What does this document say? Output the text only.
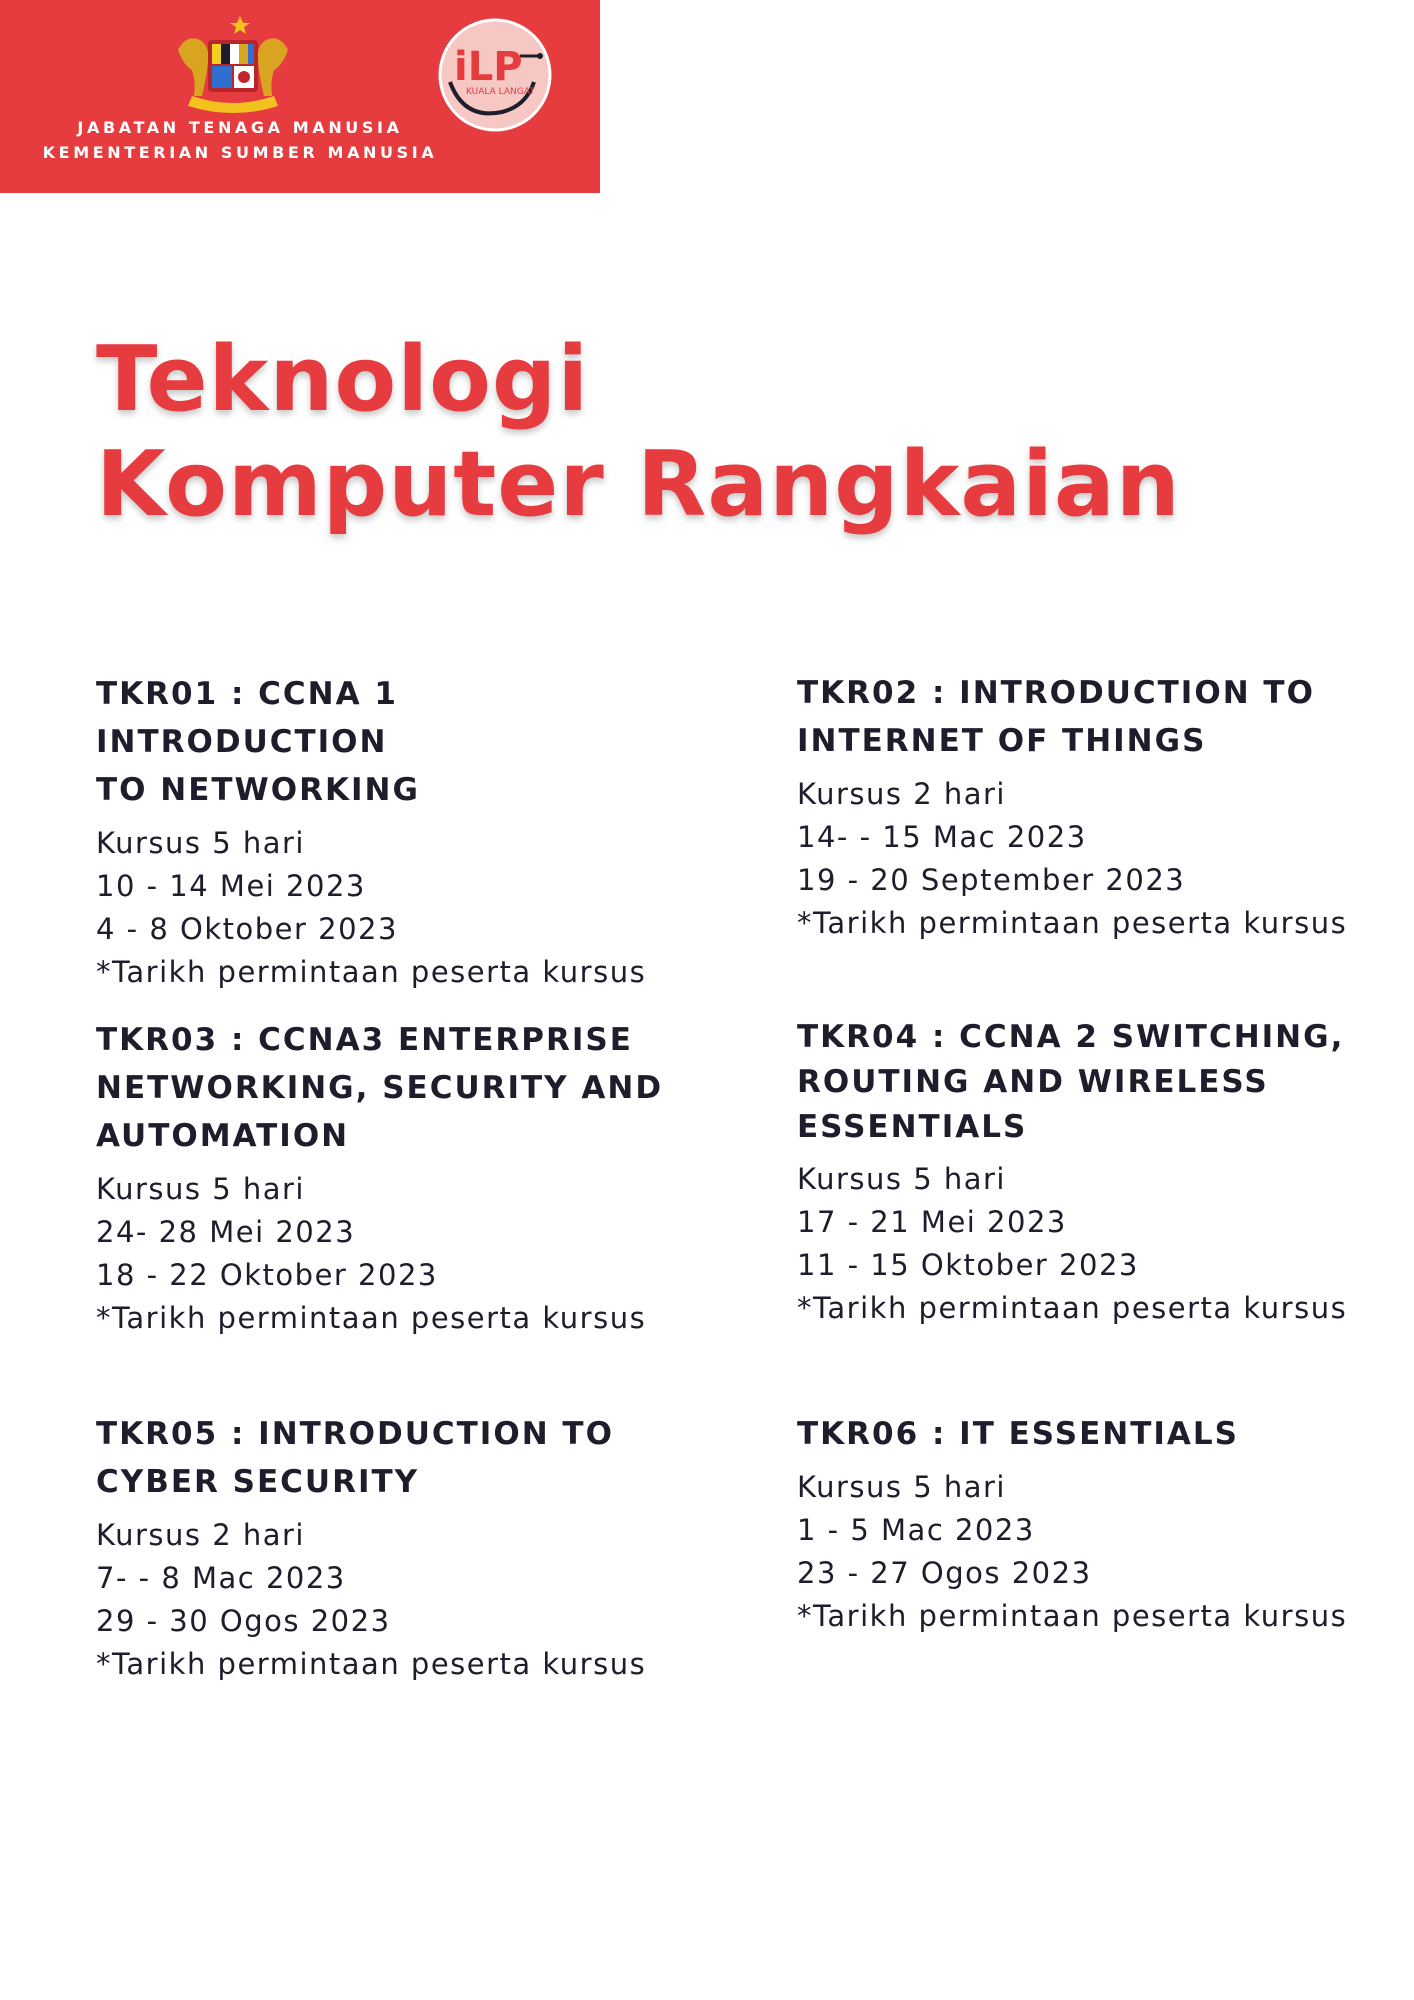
iLP
KUALA LANGAT
JABATAN TENAGA MANUSIA
KEMENTERIAN SUMBER MANUSIA
Teknologi
Komputer Rangkaian
TKR01 : CCNA 1 INTRODUCTION
TO NETWORKING
Kursus 5 hari
10 - 14 Mei 2023
4 - 8 Oktober 2023
*Tarikh permintaan peserta kursus
TKR02 : INTRODUCTION TO
INTERNET OF THINGS
Kursus 2 hari
14- - 15 Mac 2023
19 - 20 September 2023
*Tarikh permintaan peserta kursus
TKR03 : CCNA3 ENTERPRISE
NETWORKING, SECURITY AND
AUTOMATION
Kursus 5 hari
24- 28 Mei 2023
18 - 22 Oktober 2023
*Tarikh permintaan peserta kursus
TKR04 : CCNA 2 SWITCHING,
ROUTING AND WIRELESS
ESSENTIALS
Kursus 5 hari
17 - 21 Mei 2023
11 - 15 Oktober 2023
*Tarikh permintaan peserta kursus
TKR05 : INTRODUCTION TO
CYBER SECURITY
Kursus 2 hari
7- - 8 Mac 2023
29 - 30 Ogos 2023
*Tarikh permintaan peserta kursus
TKR06 : IT ESSENTIALS
Kursus 5 hari
1 - 5 Mac 2023
23 - 27 Ogos 2023
*Tarikh permintaan peserta kursus
